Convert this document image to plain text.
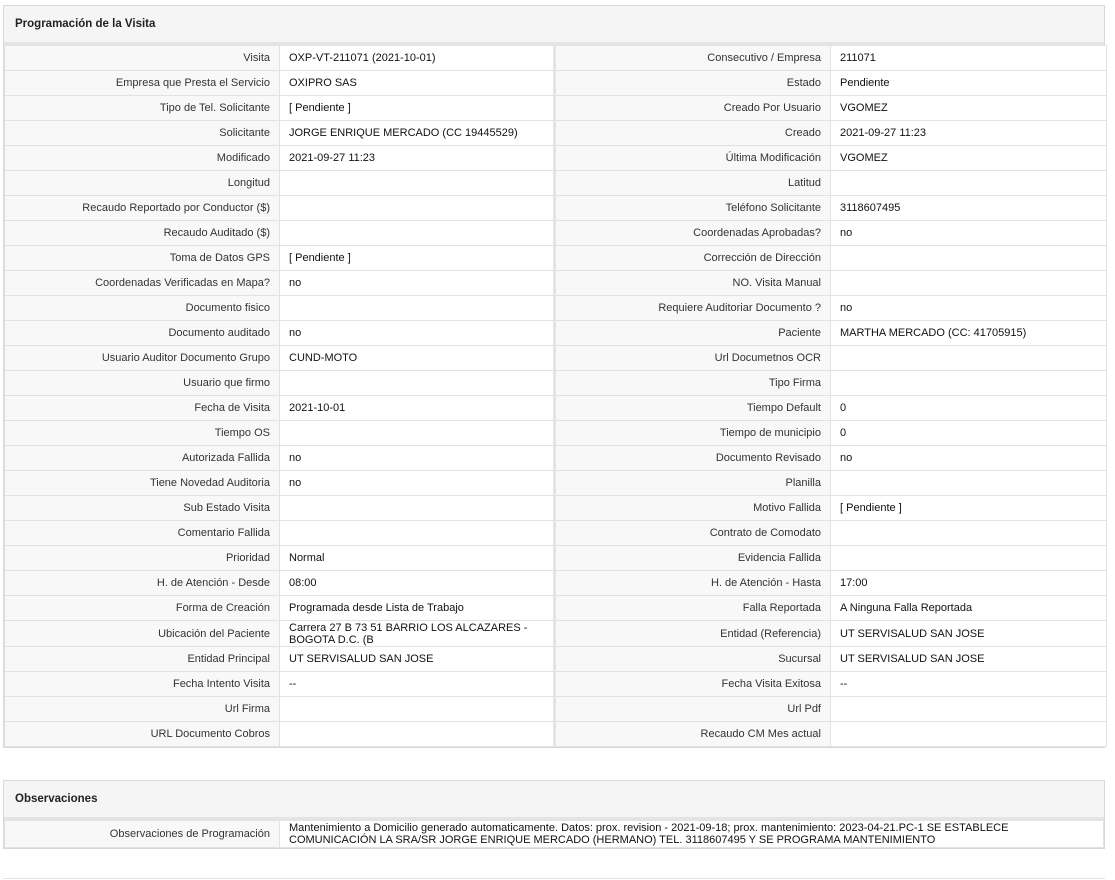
Programación de la Visita
Visita	OXP-VT-211071 (2021-10-01)	Consecutivo / Empresa	211071
Empresa que Presta el Servicio	OXIPRO SAS	Estado	Pendiente
Tipo de Tel. Solicitante	[ Pendiente ]	Creado Por Usuario	VGOMEZ
Solicitante	JORGE ENRIQUE MERCADO (CC 19445529)	Creado	2021-09-27 11:23
Modificado	2021-09-27 11:23	Última Modificación	VGOMEZ
Longitud		Latitud	
Recaudo Reportado por Conductor ($)		Teléfono Solicitante	3118607495
Recaudo Auditado ($)		Coordenadas Aprobadas?	no
Toma de Datos GPS	[ Pendiente ]	Corrección de Dirección	
Coordenadas Verificadas en Mapa?	no	NO. Visita Manual	
Documento fisico		Requiere Auditoriar Documento ?	no
Documento auditado	no	Paciente	MARTHA MERCADO (CC: 41705915)
Usuario Auditor Documento Grupo	CUND-MOTO	Url Documetnos OCR	
Usuario que firmo		Tipo Firma	
Fecha de Visita	2021-10-01	Tiempo Default	0
Tiempo OS		Tiempo de municipio	0
Autorizada Fallida	no	Documento Revisado	no
Tiene Novedad Auditoria	no	Planilla	
Sub Estado Visita		Motivo Fallida	[ Pendiente ]
Comentario Fallida		Contrato de Comodato	
Prioridad	Normal	Evidencia Fallida	
H. de Atención - Desde	08:00	H. de Atención - Hasta	17:00
Forma de Creación	Programada desde Lista de Trabajo	Falla Reportada	A Ninguna Falla Reportada
Ubicación del Paciente	Carrera 27 B 73 51 BARRIO LOS ALCAZARES - BOGOTA D.C. (B	Entidad (Referencia)	UT SERVISALUD SAN JOSE
Entidad Principal	UT SERVISALUD SAN JOSE	Sucursal	UT SERVISALUD SAN JOSE
Fecha Intento Visita	--	Fecha Visita Exitosa	--
Url Firma		Url Pdf	
URL Documento Cobros		Recaudo CM Mes actual	
Observaciones
Observaciones de Programación	Mantenimiento a Domicilio generado automaticamente. Datos: prox. revision - 2021-09-18; prox. mantenimiento: 2023-04-21.PC-1 SE ESTABLECE COMUNICACIÓN LA SRA/SR JORGE ENRIQUE MERCADO (HERMANO) TEL. 3118607495 Y SE PROGRAMA MANTENIMIENTO
